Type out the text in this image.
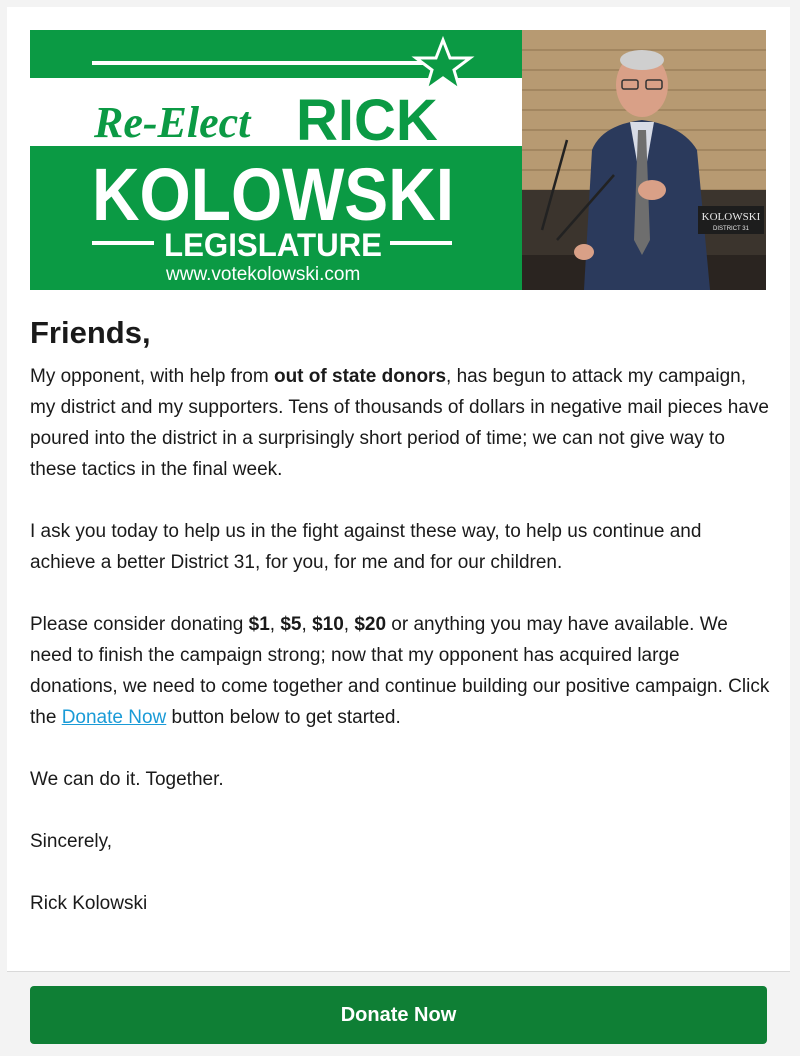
Re-Elect RICK
KOLOWSKI
LEGISLATURE
www.votekolowski.com
KOLOWSKI
DISTRICT 31
Friends,

My opponent, with help from out of state donors, has begun to attack my campaign, my district and my supporters. Tens of thousands of dollars in negative mail pieces have poured into the district in a surprisingly short period of time; we can not give way to these tactics in the final week.

I ask you today to help us in the fight against these way, to help us continue and achieve a better District 31, for you, for me and for our children.

Please consider donating $1, $5, $10, $20 or anything you may have available. We need to finish the campaign strong; now that my opponent has acquired large donations, we need to come together and continue building our positive campaign. Click the Donate Now button below to get started.

We can do it. Together.

Sincerely,

Rick Kolowski

Donate Now
